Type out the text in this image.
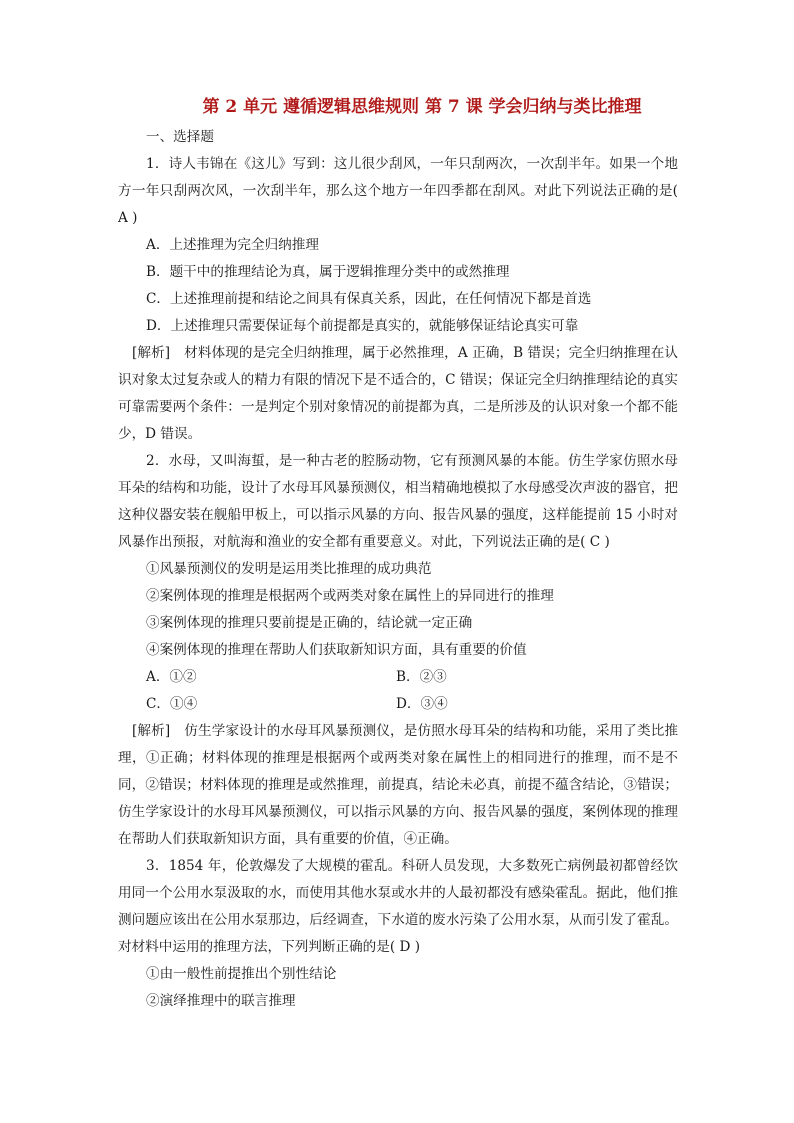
第 2 单元 遵循逻辑思维规则 第 7 课 学会归纳与类比推理

一、选择题

1．诗人韦锦在《这儿》写到：这儿很少刮风，一年只刮两次，一次刮半年。如果一个地方一年只刮两次风，一次刮半年，那么这个地方一年四季都在刮风。对此下列说法正确的是( A )

A．上述推理为完全归纳推理

B．题干中的推理结论为真，属于逻辑推理分类中的或然推理

C．上述推理前提和结论之间具有保真关系，因此，在任何情况下都是首选

D．上述推理只需要保证每个前提都是真实的，就能够保证结论真实可靠

[解析] 材料体现的是完全归纳推理，属于必然推理，A 正确，B 错误；完全归纳推理在认识对象太过复杂或人的精力有限的情况下是不适合的，C 错误；保证完全归纳推理结论的真实可靠需要两个条件：一是判定个别对象情况的前提都为真，二是所涉及的认识对象一个都不能少，D 错误。

2．水母，又叫海蜇，是一种古老的腔肠动物，它有预测风暴的本能。仿生学家仿照水母耳朵的结构和功能，设计了水母耳风暴预测仪，相当精确地模拟了水母感受次声波的器官，把这种仪器安装在舰船甲板上，可以指示风暴的方向、报告风暴的强度，这样能提前 15 小时对风暴作出预报，对航海和渔业的安全都有重要意义。对此，下列说法正确的是( C )

①风暴预测仪的发明是运用类比推理的成功典范

②案例体现的推理是根据两个或两类对象在属性上的异同进行的推理

③案例体现的推理只要前提是正确的，结论就一定正确

④案例体现的推理在帮助人们获取新知识方面，具有重要的价值

A．①②	B．②③
C．①④	D．③④

[解析] 仿生学家设计的水母耳风暴预测仪，是仿照水母耳朵的结构和功能，采用了类比推理，①正确；材料体现的推理是根据两个或两类对象在属性上的相同进行的推理，而不是不同，②错误；材料体现的推理是或然推理，前提真，结论未必真，前提不蕴含结论，③错误；仿生学家设计的水母耳风暴预测仪，可以指示风暴的方向、报告风暴的强度，案例体现的推理在帮助人们获取新知识方面，具有重要的价值，④正确。

3．1854 年，伦敦爆发了大规模的霍乱。科研人员发现，大多数死亡病例最初都曾经饮用同一个公用水泵汲取的水，而使用其他水泵或水井的人最初都没有感染霍乱。据此，他们推测问题应该出在公用水泵那边，后经调查，下水道的废水污染了公用水泵，从而引发了霍乱。对材料中运用的推理方法，下列判断正确的是( D )

①由一般性前提推出个别性结论

②演绎推理中的联言推理
